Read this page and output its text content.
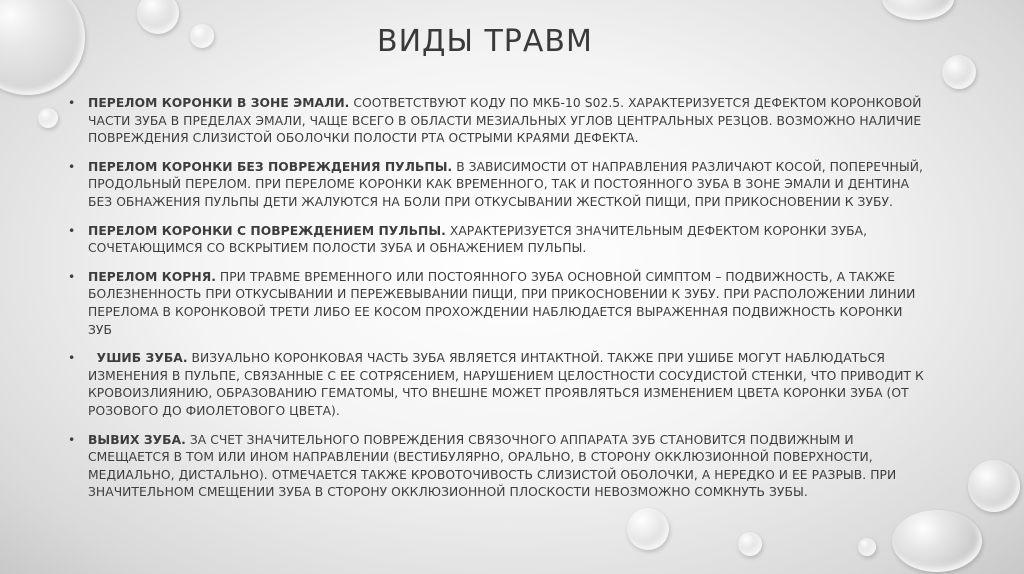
ВИДЫ ТРАВМ
• ПЕРЕЛОМ КОРОНКИ В ЗОНЕ ЭМАЛИ. СООТВЕТСТВУЮТ КОДУ ПО МКБ-10 S02.5. ХАРАКТЕРИЗУЕТСЯ ДЕФЕКТОМ КОРОНКОВОЙ ЧАСТИ ЗУБА В ПРЕДЕЛАХ ЭМАЛИ, ЧАЩЕ ВСЕГО В ОБЛАСТИ МЕЗИАЛЬНЫХ УГЛОВ ЦЕНТРАЛЬНЫХ РЕЗЦОВ. ВОЗМОЖНО НАЛИЧИЕ ПОВРЕЖДЕНИЯ СЛИЗИСТОЙ ОБОЛОЧКИ ПОЛОСТИ РТА ОСТРЫМИ КРАЯМИ ДЕФЕКТА.
• ПЕРЕЛОМ КОРОНКИ БЕЗ ПОВРЕЖДЕНИЯ ПУЛЬПЫ. В ЗАВИСИМОСТИ ОТ НАПРАВЛЕНИЯ РАЗЛИЧАЮТ КОСОЙ, ПОПЕРЕЧНЫЙ, ПРОДОЛЬНЫЙ ПЕРЕЛОМ. ПРИ ПЕРЕЛОМЕ КОРОНКИ КАК ВРЕМЕННОГО, ТАК И ПОСТОЯННОГО ЗУБА В ЗОНЕ ЭМАЛИ И ДЕНТИНА БЕЗ ОБНАЖЕНИЯ ПУЛЬПЫ ДЕТИ ЖАЛУЮТСЯ НА БОЛИ ПРИ ОТКУСЫВАНИИ ЖЕСТКОЙ ПИЩИ, ПРИ ПРИКОСНОВЕНИИ К ЗУБУ.
• ПЕРЕЛОМ КОРОНКИ С ПОВРЕЖДЕНИЕМ ПУЛЬПЫ. ХАРАКТЕРИЗУЕТСЯ ЗНАЧИТЕЛЬНЫМ ДЕФЕКТОМ КОРОНКИ ЗУБА, СОЧЕТАЮЩИМСЯ СО ВСКРЫТИЕМ ПОЛОСТИ ЗУБА И ОБНАЖЕНИЕМ ПУЛЬПЫ.
• ПЕРЕЛОМ КОРНЯ. ПРИ ТРАВМЕ ВРЕМЕННОГО ИЛИ ПОСТОЯННОГО ЗУБА ОСНОВНОЙ СИМПТОМ – ПОДВИЖНОСТЬ, А ТАКЖЕ БОЛЕЗНЕННОСТЬ ПРИ ОТКУСЫВАНИИ И ПЕРЕЖЕВЫВАНИИ ПИЩИ, ПРИ ПРИКОСНОВЕНИИ К ЗУБУ. ПРИ РАСПОЛОЖЕНИИ ЛИНИИ ПЕРЕЛОМА В КОРОНКОВОЙ ТРЕТИ ЛИБО ЕЕ КОСОМ ПРОХОЖДЕНИИ НАБЛЮДАЕТСЯ ВЫРАЖЕННАЯ ПОДВИЖНОСТЬ КОРОНКИ ЗУБ
• УШИБ ЗУБА. ВИЗУАЛЬНО КОРОНКОВАЯ ЧАСТЬ ЗУБА ЯВЛЯЕТСЯ ИНТАКТНОЙ. ТАКЖЕ ПРИ УШИБЕ МОГУТ НАБЛЮДАТЬСЯ ИЗМЕНЕНИЯ В ПУЛЬПЕ, СВЯЗАННЫЕ С ЕЕ СОТРЯСЕНИЕМ, НАРУШЕНИЕМ ЦЕЛОСТНОСТИ СОСУДИСТОЙ СТЕНКИ, ЧТО ПРИВОДИТ К КРОВОИЗЛИЯНИЮ, ОБРАЗОВАНИЮ ГЕМАТОМЫ, ЧТО ВНЕШНЕ МОЖЕТ ПРОЯВЛЯТЬСЯ ИЗМЕНЕНИЕМ ЦВЕТА КОРОНКИ ЗУБА (ОТ РОЗОВОГО ДО ФИОЛЕТОВОГО ЦВЕТА).
• ВЫВИХ ЗУБА. ЗА СЧЕТ ЗНАЧИТЕЛЬНОГО ПОВРЕЖДЕНИЯ СВЯЗОЧНОГО АППАРАТА ЗУБ СТАНОВИТСЯ ПОДВИЖНЫМ И СМЕЩАЕТСЯ В ТОМ ИЛИ ИНОМ НАПРАВЛЕНИИ (ВЕСТИБУЛЯРНО, ОРАЛЬНО, В СТОРОНУ ОККЛЮЗИОННОЙ ПОВЕРХНОСТИ, МЕДИАЛЬНО, ДИСТАЛЬНО). ОТМЕЧАЕТСЯ ТАКЖЕ КРОВОТОЧИВОСТЬ СЛИЗИСТОЙ ОБОЛОЧКИ, А НЕРЕДКО И ЕЕ РАЗРЫВ. ПРИ ЗНАЧИТЕЛЬНОМ СМЕЩЕНИИ ЗУБА В СТОРОНУ ОККЛЮЗИОННОЙ ПЛОСКОСТИ НЕВОЗМОЖНО СОМКНУТЬ ЗУБЫ.
